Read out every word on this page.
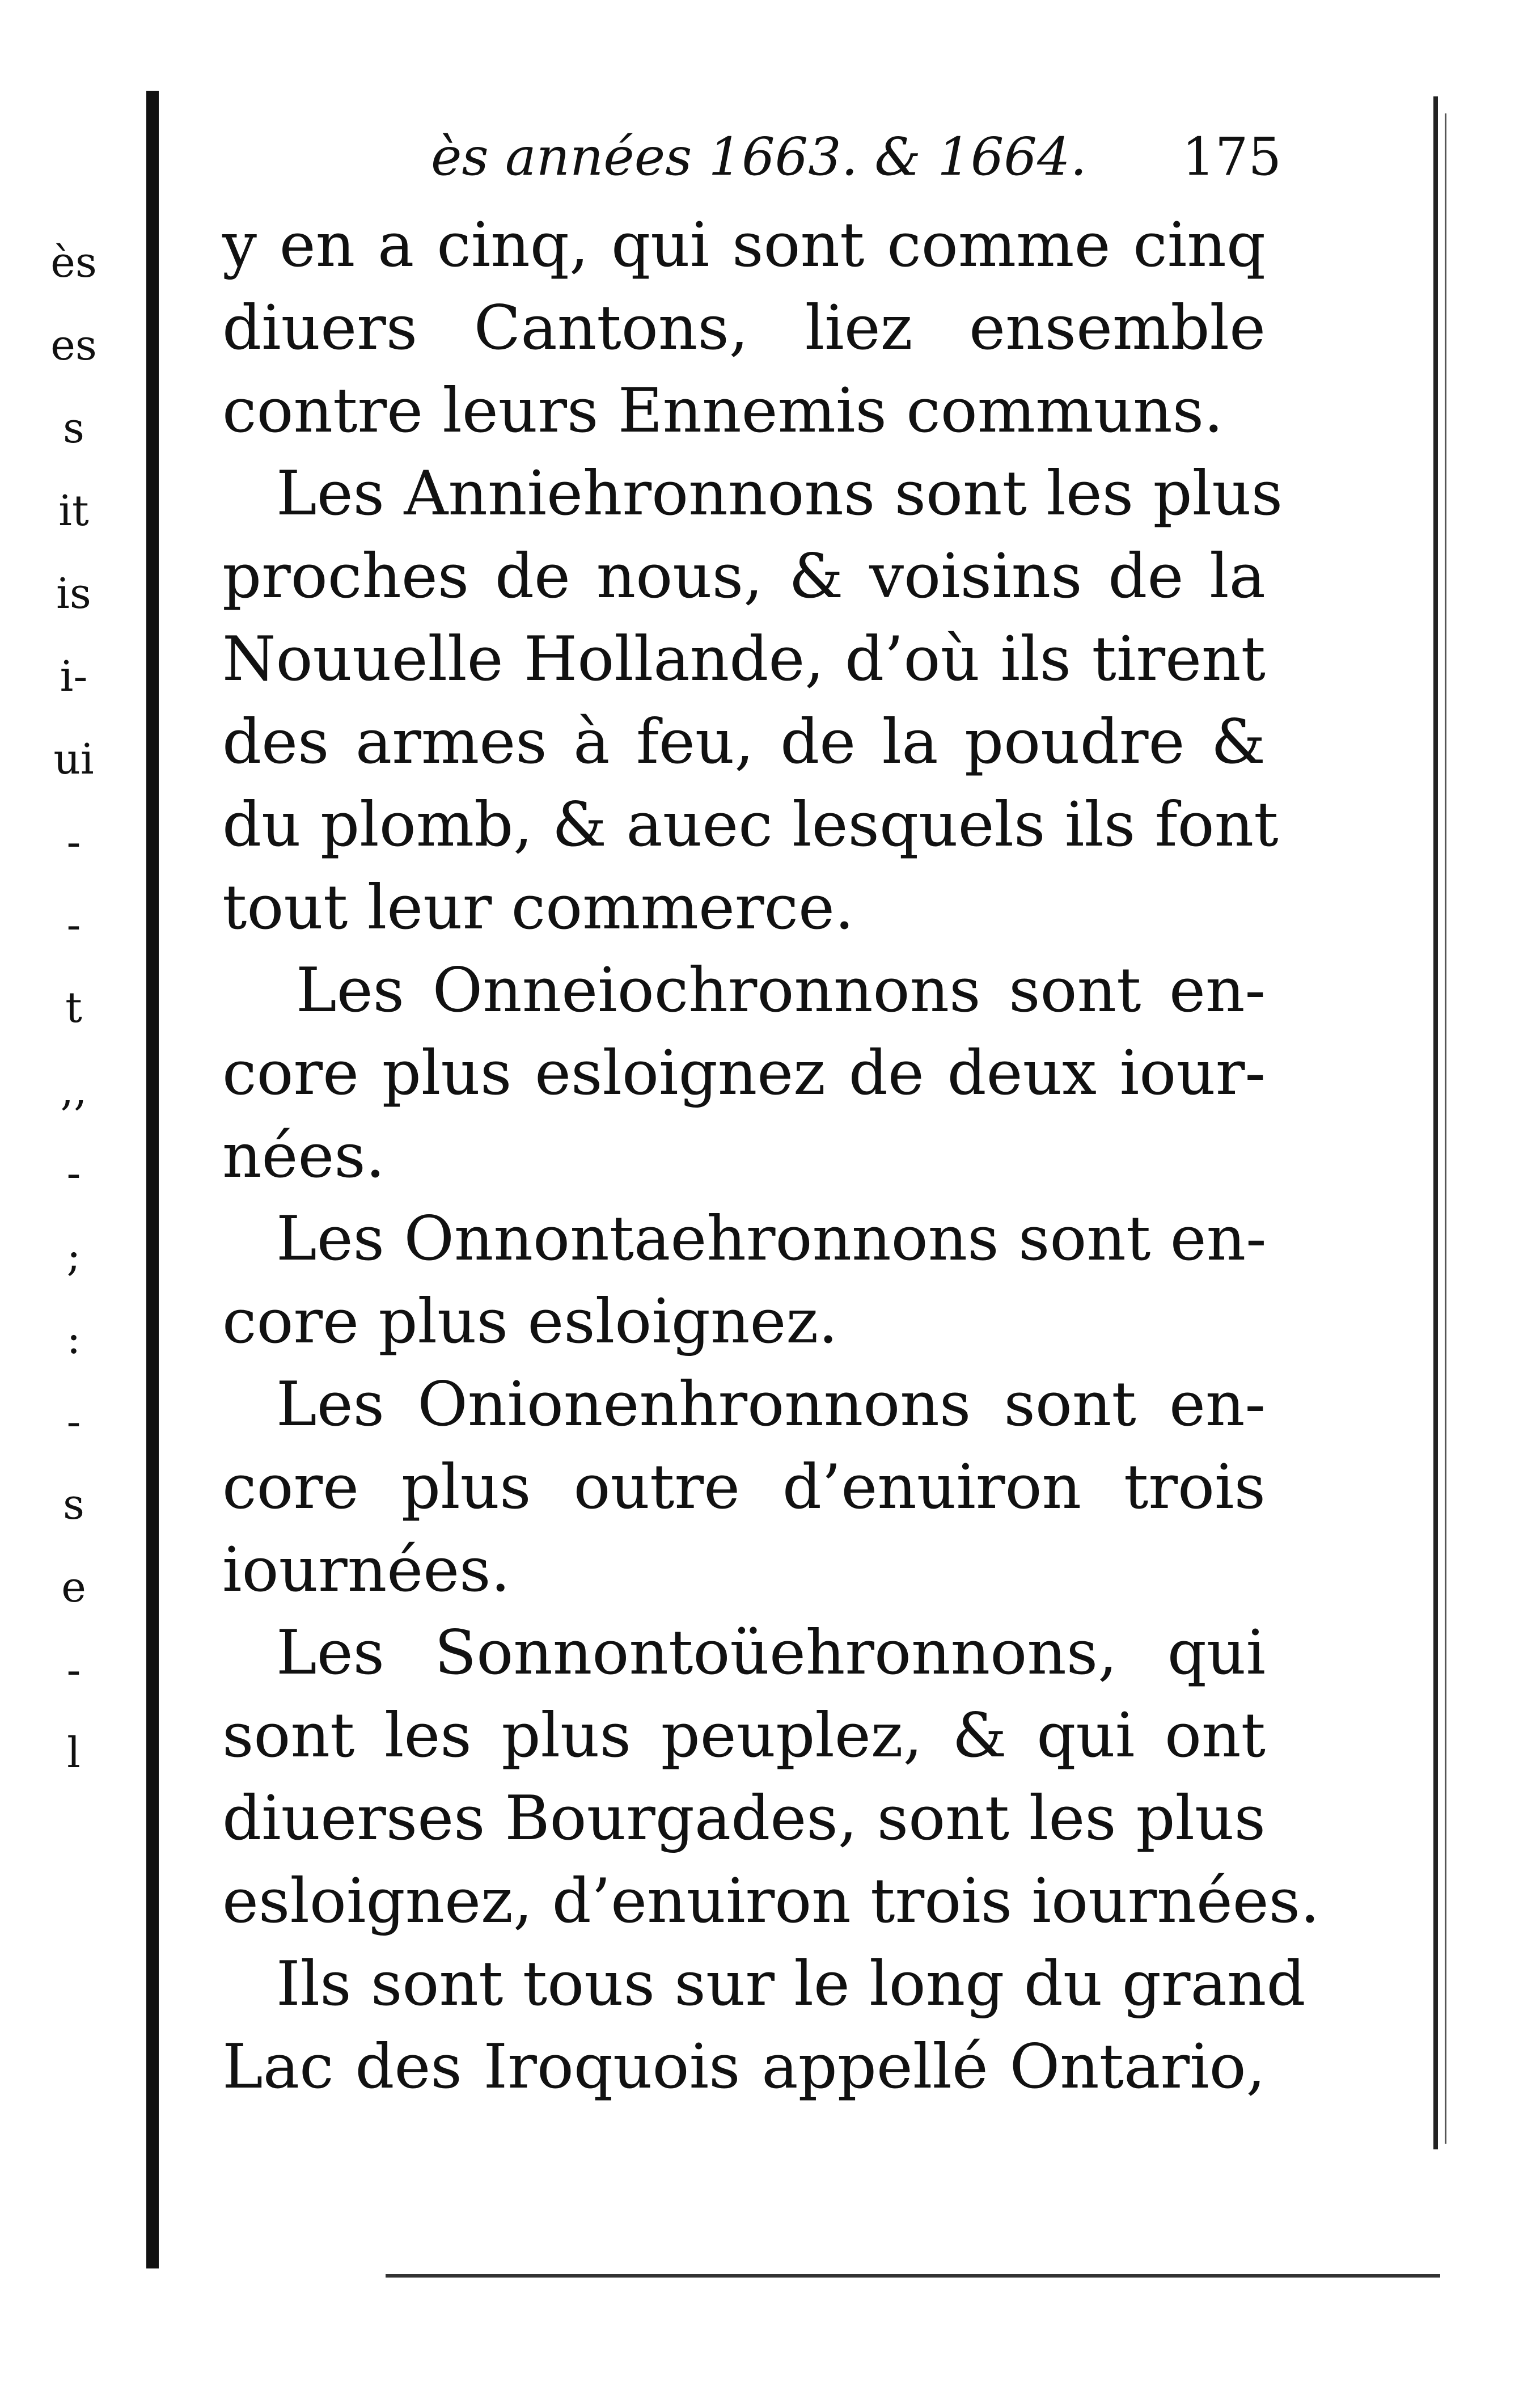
ès
es
s
it
is
i-
ui
-
-
t
,,
-
;
:
-
s
e
-
l
ès années 1663. & 1664. 175
y en a cinq, qui sont comme cinq
diuers Cantons, liez ensemble
contre leurs Ennemis communs.
Les Anniehronnons sont les plus
proches de nous, & voisins de la
Nouuelle Hollande, d’où ils tirent
des armes à feu, de la poudre &
du plomb, & auec lesquels ils font
tout leur commerce.
Les Onneiochronnons sont en-
core plus esloignez de deux iour-
nées.
Les Onnontaehronnons sont en-
core plus esloignez.
Les Onionenhronnons sont en-
core plus outre d’enuiron trois
iournées.
Les Sonnontoüehronnons, qui
sont les plus peuplez, & qui ont
diuerses Bourgades, sont les plus
esloignez, d’enuiron trois iournées.
Ils sont tous sur le long du grand
Lac des Iroquois appellé Ontario,
